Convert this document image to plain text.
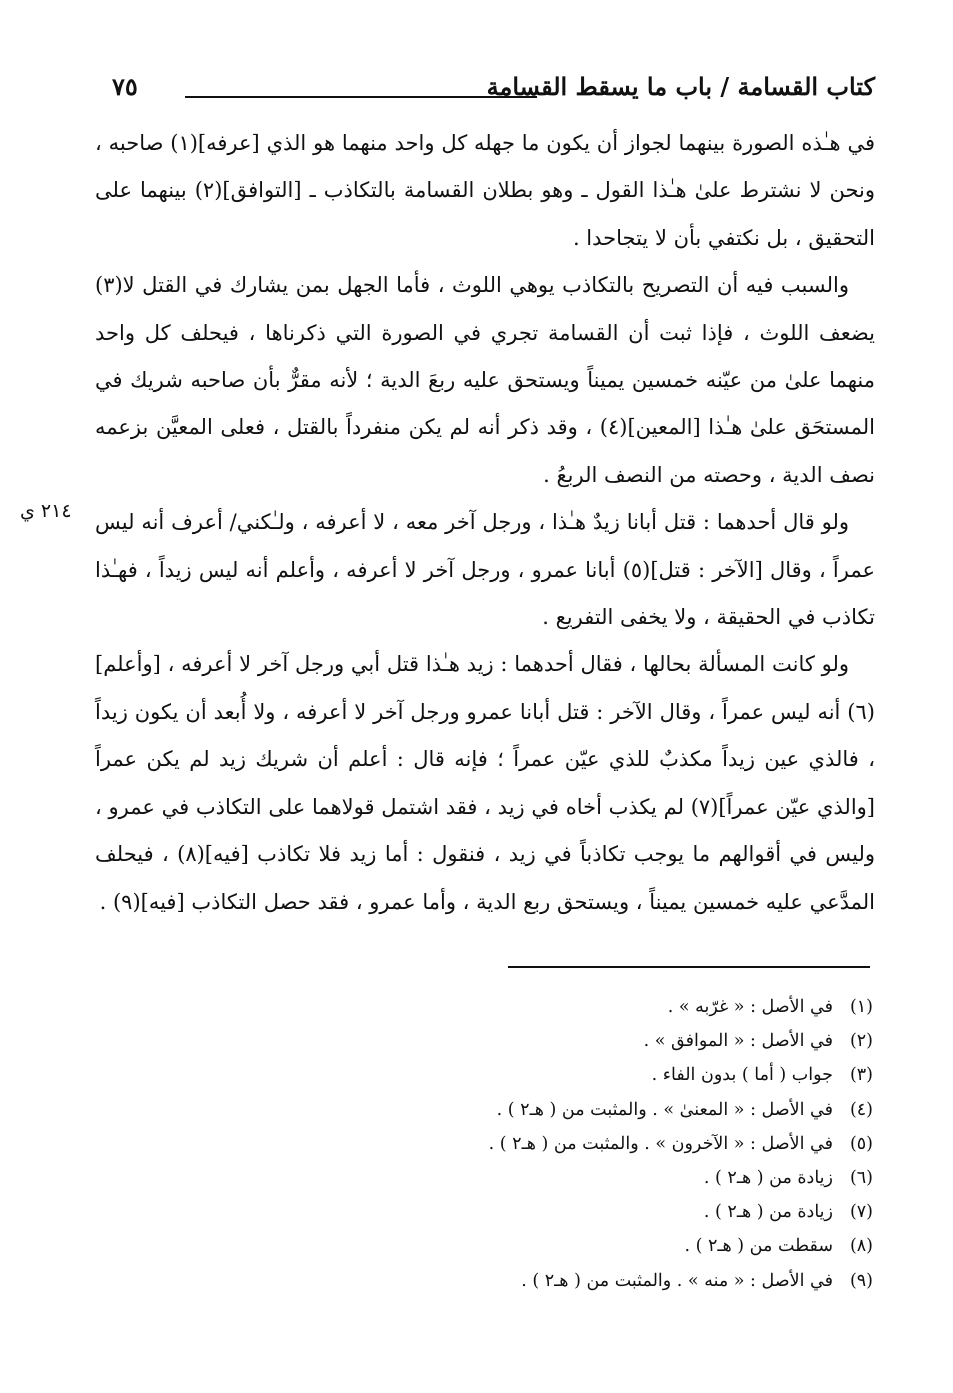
كتاب القسامة / باب ما يسقط القسامة
٧٥
٢١٤ ي

في هـٰذه الصورة بينهما لجواز أن يكون ما جهله كل واحد منهما هو الذي [عرفه](١) صاحبه ، ونحن لا نشترط علىٰ هـٰذا القول ـ وهو بطلان القسامة بالتكاذب ـ [التوافق](٢) بينهما على التحقيق ، بل نكتفي بأن لا يتجاحدا .

والسبب فيه أن التصريح بالتكاذب يوهي اللوث ، فأما الجهل بمن يشارك في القتل لا(٣) يضعف اللوث ، فإذا ثبت أن القسامة تجري في الصورة التي ذكرناها ، فيحلف كل واحد منهما علىٰ من عيّنه خمسين يميناً ويستحق عليه ربعَ الدية ؛ لأنه مقرٌّ بأن صاحبه شريك في المستحَق علىٰ هـٰذا [المعين](٤) ، وقد ذكر أنه لم يكن منفرداً بالقتل ، فعلى المعيَّن بزعمه نصف الدية ، وحصته من النصف الربعُ .

ولو قال أحدهما : قتل أبانا زيدٌ هـٰذا ، ورجل آخر معه ، لا أعرفه ، ولـٰكني/ أعرف أنه ليس عمراً ، وقال [الآخر : قتل](٥) أبانا عمرو ، ورجل آخر لا أعرفه ، وأعلم أنه ليس زيداً ، فهـٰذا تكاذب في الحقيقة ، ولا يخفى التفريع .

ولو كانت المسألة بحالها ، فقال أحدهما : زيد هـٰذا قتل أبي ورجل آخر لا أعرفه ، [وأعلم](٦) أنه ليس عمراً ، وقال الآخر : قتل أبانا عمرو ورجل آخر لا أعرفه ، ولا أُبعد أن يكون زيداً ، فالذي عين زيداً مكذبٌ للذي عيّن عمراً ؛ فإنه قال : أعلم أن شريك زيد لم يكن عمراً [والذي عيّن عمراً](٧) لم يكذب أخاه في زيد ، فقد اشتمل قولاهما على التكاذب في عمرو ، وليس في أقوالهم ما يوجب تكاذباً في زيد ، فنقول : أما زيد فلا تكاذب [فيه](٨) ، فيحلف المدَّعي عليه خمسين يميناً ، ويستحق ربع الدية ، وأما عمرو ، فقد حصل التكاذب [فيه](٩) .

(١)
في الأصل : « غرّبه » .
(٢)
في الأصل : « الموافق » .
(٣)
جواب ( أما ) بدون الفاء .
(٤)
في الأصل : « المعنىٰ » . والمثبت من ( هـ٢ ) .
(٥)
في الأصل : « الآخرون » . والمثبت من ( هـ٢ ) .
(٦)
زيادة من ( هـ٢ ) .
(٧)
زيادة من ( هـ٢ ) .
(٨)
سقطت من ( هـ٢ ) .
(٩)
في الأصل : « منه » . والمثبت من ( هـ٢ ) .
